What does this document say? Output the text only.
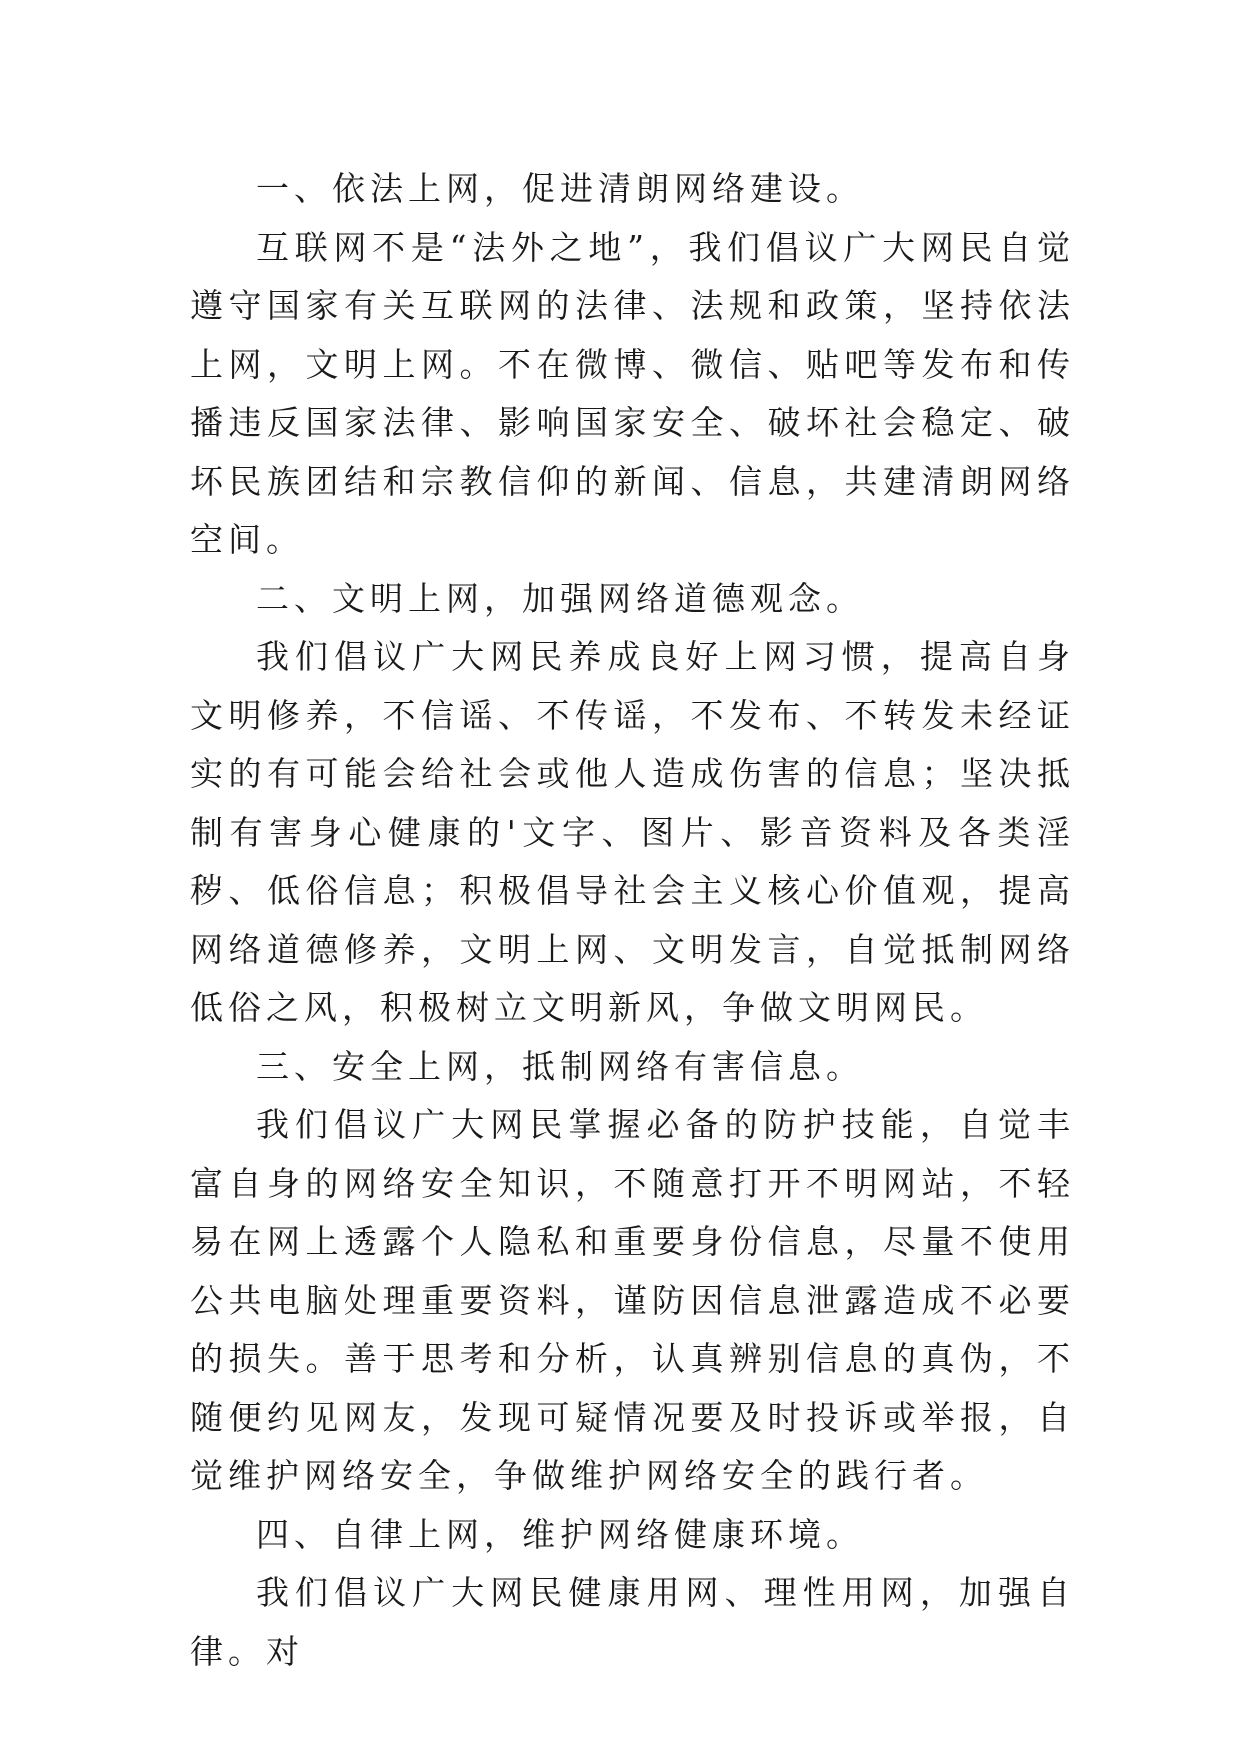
一、依法上网，促进清朗网络建设。

互联网不是“法外之地”，我们倡议广大网民自觉遵守国家有关互联网的法律、法规和政策，坚持依法上网，文明上网。不在微博、微信、贴吧等发布和传播违反国家法律、影响国家安全、破坏社会稳定、破坏民族团结和宗教信仰的新闻、信息，共建清朗网络空间。

二、文明上网，加强网络道德观念。

我们倡议广大网民养成良好上网习惯，提高自身文明修养，不信谣、不传谣，不发布、不转发未经证实的有可能会给社会或他人造成伤害的信息；坚决抵制有害身心健康的'文字、图片、影音资料及各类淫秽、低俗信息；积极倡导社会主义核心价值观，提高网络道德修养，文明上网、文明发言，自觉抵制网络低俗之风，积极树立文明新风，争做文明网民。

三、安全上网，抵制网络有害信息。

我们倡议广大网民掌握必备的防护技能，自觉丰富自身的网络安全知识，不随意打开不明网站，不轻易在网上透露个人隐私和重要身份信息，尽量不使用公共电脑处理重要资料，谨防因信息泄露造成不必要的损失。善于思考和分析，认真辨别信息的真伪，不随便约见网友，发现可疑情况要及时投诉或举报，自觉维护网络安全，争做维护网络安全的践行者。

四、自律上网，维护网络健康环境。

我们倡议广大网民健康用网、理性用网，加强自律。对
